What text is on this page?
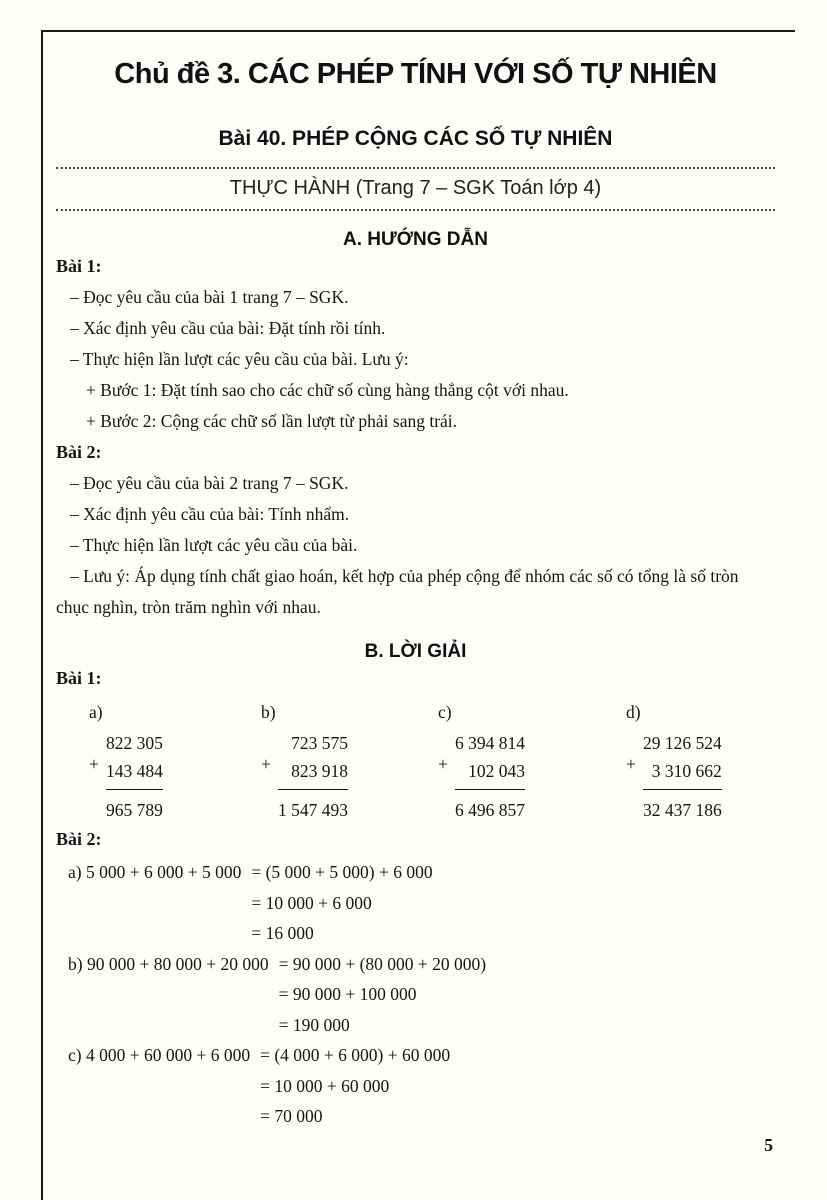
Chủ đề 3. CÁC PHÉP TÍNH VỚI SỐ TỰ NHIÊN
Bài 40. PHÉP CỘNG CÁC SỐ TỰ NHIÊN
THỰC HÀNH (Trang 7 – SGK Toán lớp 4)
A. HƯỚNG DẪN
Bài 1:

– Đọc yêu cầu của bài 1 trang 7 – SGK.

– Xác định yêu cầu của bài: Đặt tính rồi tính.

– Thực hiện lần lượt các yêu cầu của bài. Lưu ý:

+ Bước 1: Đặt tính sao cho các chữ số cùng hàng thẳng cột với nhau.

+ Bước 2: Cộng các chữ số lần lượt từ phải sang trái.

Bài 2:

– Đọc yêu cầu của bài 2 trang 7 – SGK.

– Xác định yêu cầu của bài: Tính nhẩm.

– Thực hiện lần lượt các yêu cầu của bài.

– Lưu ý: Áp dụng tính chất giao hoán, kết hợp của phép cộng để nhóm các số có tổng là số tròn chục nghìn, tròn trăm nghìn với nhau.

B. LỜI GIẢI
Bài 1:
a)
+
822 305
143 484
965 789
b)
+
723 575
823 918
1 547 493
c)
+
6 394 814
102 043
6 496 857
d)
+
29 126 524
3 310 662
32 437 186
Bài 2:
a) 5 000 + 6 000 + 5 000 = (5 000 + 5 000) + 6 000
= 10 000 + 6 000
= 16 000
b) 90 000 + 80 000 + 20 000 = 90 000 + (80 000 + 20 000)
= 90 000 + 100 000
= 190 000
c) 4 000 + 60 000 + 6 000 = (4 000 + 6 000) + 60 000
= 10 000 + 60 000
= 70 000
5
